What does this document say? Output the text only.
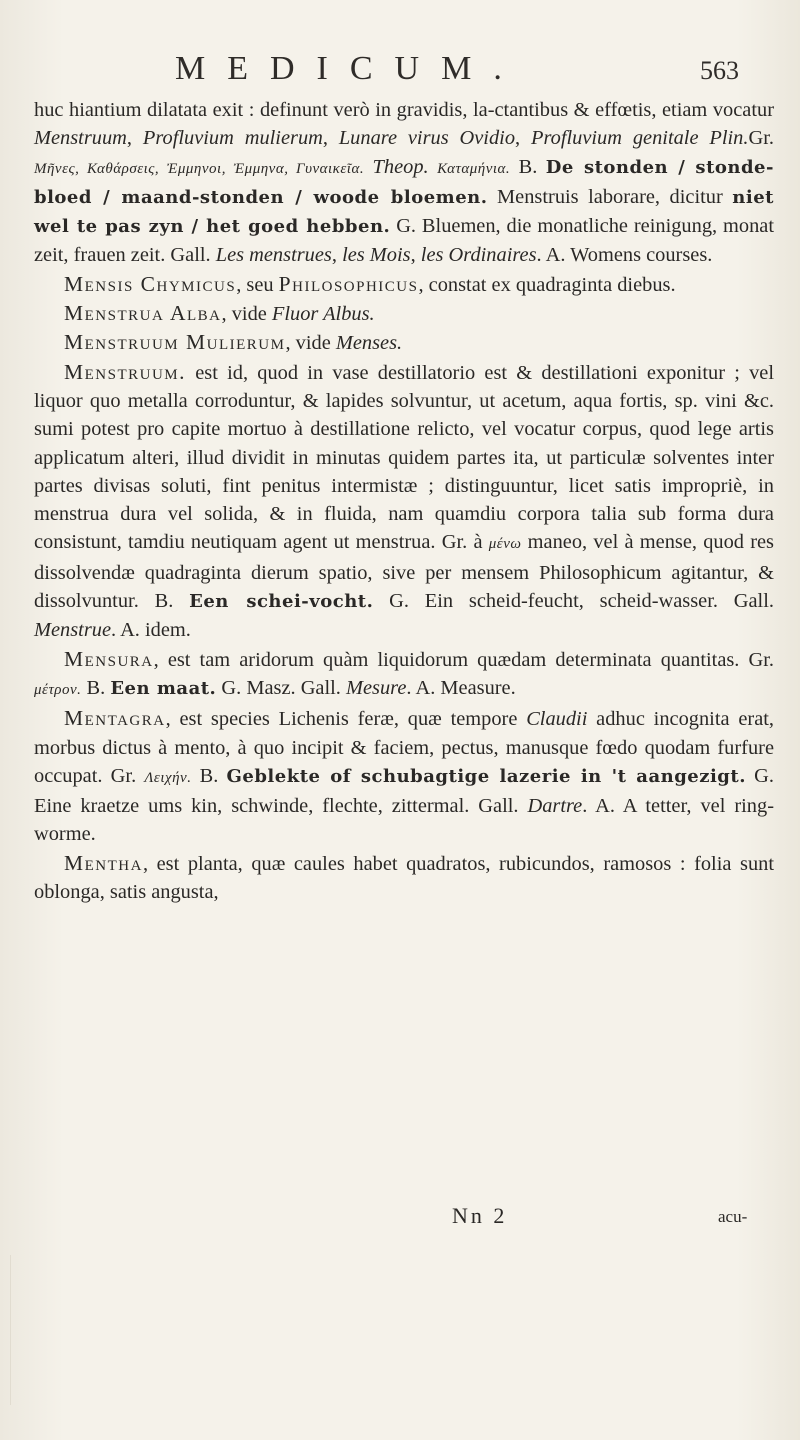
MEDICUM.	563

huc hiantium dilatata exit : definunt verò in gravidis, la-ctantibus & effœtis, etiam vocatur Menstruum, Profluvium mulierum, Lunare virus Ovidio, Profluvium genitale Plin.Gr. Μῆνες, Καθάρσεις, Ἐμμηνοι, Ἐμμηνα, Γυναικεῖα. Theop. Καταμήνια. B. De stonden / stonde-bloed / maand-stonden / woode bloemen. Menstruis laborare, dicitur niet wel te pas zyn / het goed hebben. G. Bluemen, die monatliche reinigung, monat zeit, frauen zeit. Gall. Les menstrues, les Mois, les Ordinaires. A. Womens courses.

Mensis Chymicus, seu Philosophicus, constat ex quadraginta diebus.

Menstrua Alba, vide Fluor Albus.

Menstruum Mulierum, vide Menses.

Menstruum. est id, quod in vase destillatorio est & destillationi exponitur ; vel liquor quo metalla corroduntur, & lapides solvuntur, ut acetum, aqua fortis, sp. vini &c. sumi potest pro capite mortuo à destillatione relicto, vel vocatur corpus, quod lege artis applicatum alteri, illud dividit in minutas quidem partes ita, ut particulæ solventes inter partes divisas soluti, fint penitus intermistæ ; distinguuntur, licet satis impropriè, in menstrua dura vel solida, & in fluida, nam quamdiu corpora talia sub forma dura consistunt, tamdiu neutiquam agent ut menstrua. Gr. à μένω maneo, vel à mense, quod res dissolvendæ quadraginta dierum spatio, sive per mensem Philosophicum agitantur, & dissolvuntur. B. Een schei-vocht. G. Ein scheid-feucht, scheid-wasser. Gall. Menstrue. A. idem.

Mensura, est tam aridorum quàm liquidorum quædam determinata quantitas. Gr. μέτρον. B. Een maat. G. Masz. Gall. Mesure. A. Measure.

Mentagra, est species Lichenis feræ, quæ tempore Claudii adhuc incognita erat, morbus dictus à mento, à quo incipit & faciem, pectus, manusque fœdo quodam furfure occupat. Gr. Λειχήν. B. Geblekte of schubagtige lazerie in 't aangezigt. G. Eine kraetze ums kin, schwinde, flechte, zittermal. Gall. Dartre. A. A tetter, vel ring-worme.

Mentha, est planta, quæ caules habet quadratos, rubicundos, ramosos : folia sunt oblonga, satis angusta,

Nn 2	acu-
